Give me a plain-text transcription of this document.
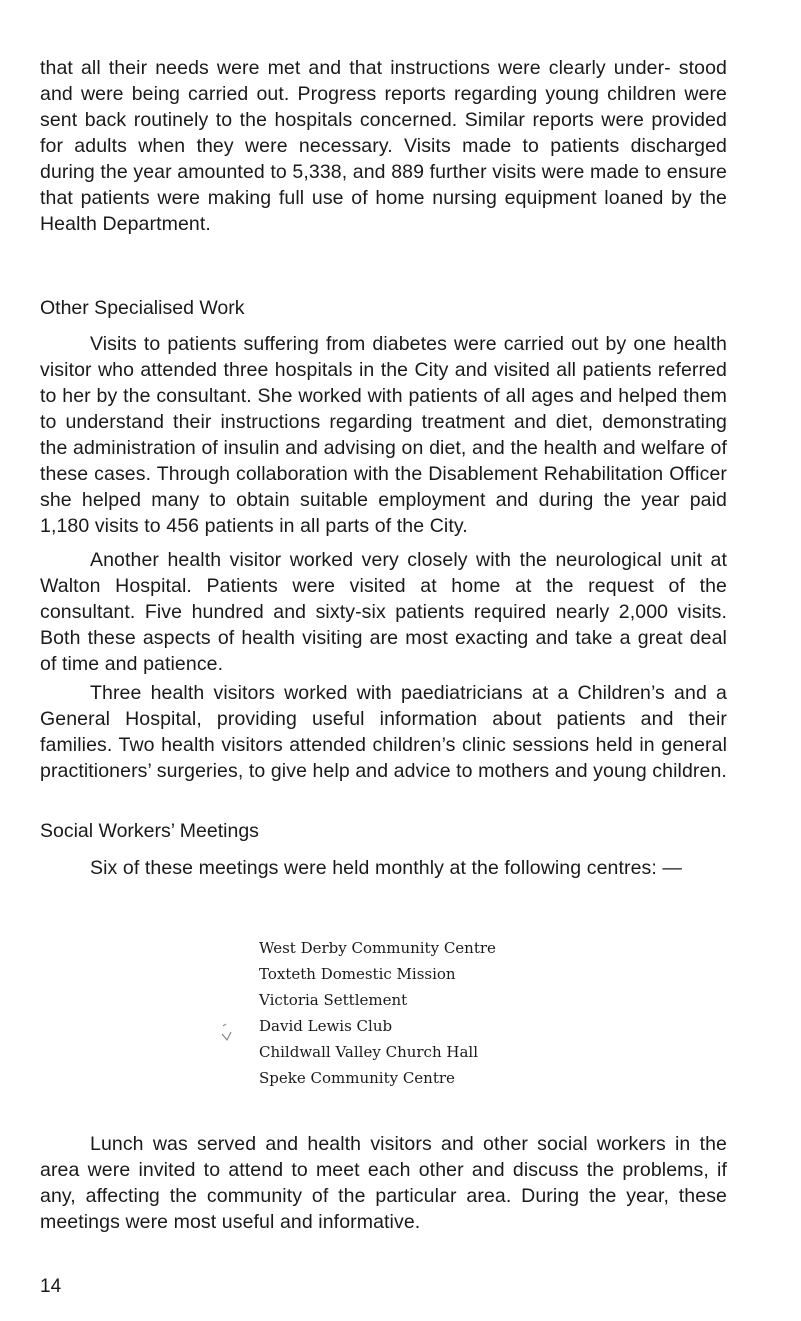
that all their needs were met and that instructions were clearly under- stood and were being carried out. Progress reports regarding young children were sent back routinely to the hospitals concerned. Similar reports were provided for adults when they were necessary. Visits made to patients discharged during the year amounted to 5,338, and 889 further visits were made to ensure that patients were making full use of home nursing equipment loaned by the Health Department.

Other Specialised Work

Visits to patients suffering from diabetes were carried out by one health visitor who attended three hospitals in the City and visited all patients referred to her by the consultant. She worked with patients of all ages and helped them to understand their instructions regarding treatment and diet, demonstrating the administration of insulin and advising on diet, and the health and welfare of these cases. Through collaboration with the Disablement Rehabilitation Officer she helped many to obtain suitable employment and during the year paid 1,180 visits to 456 patients in all parts of the City.

Another health visitor worked very closely with the neurological unit at Walton Hospital. Patients were visited at home at the request of the consultant. Five hundred and sixty-six patients required nearly 2,000 visits. Both these aspects of health visiting are most exacting and take a great deal of time and patience.

Three health visitors worked with paediatricians at a Children’s and a General Hospital, providing useful information about patients and their families. Two health visitors attended children’s clinic sessions held in general practitioners’ surgeries, to give help and advice to mothers and young children.

Social Workers’ Meetings

Six of these meetings were held monthly at the following centres: —

West Derby Community Centre
Toxteth Domestic Mission
Victoria Settlement
David Lewis Club
Childwall Valley Church Hall
Speke Community Centre

Lunch was served and health visitors and other social workers in the area were invited to attend to meet each other and discuss the problems, if any, affecting the community of the particular area. During the year, these meetings were most useful and informative.

14
